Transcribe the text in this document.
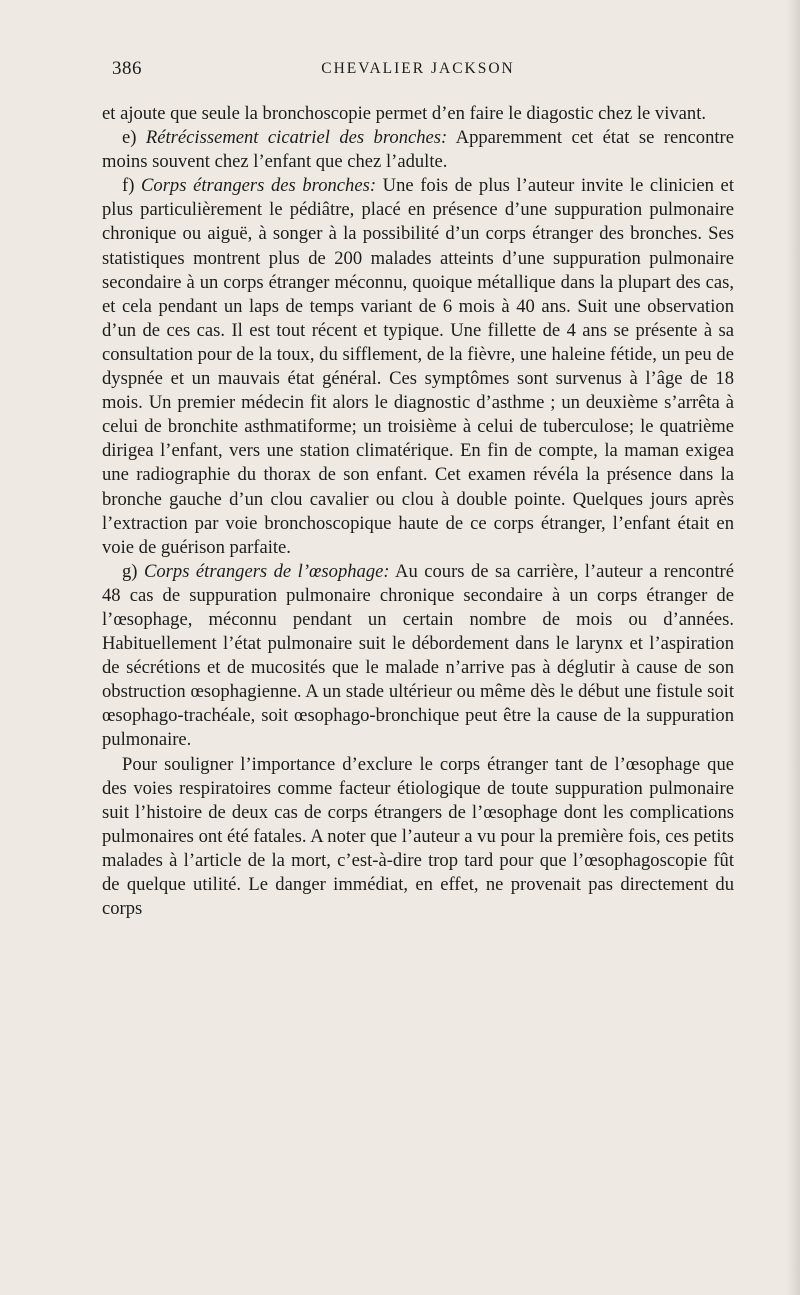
386	CHEVALIER JACKSON

et ajoute que seule la bronchoscopie permet d’en faire le diagostic chez le vivant.

e) Rétrécissement cicatriel des bronches: Apparemment cet état se rencontre moins souvent chez l’enfant que chez l’adulte.

f) Corps étrangers des bronches: Une fois de plus l’auteur invite le clinicien et plus particulièrement le pédiâtre, placé en présence d’une suppuration pulmonaire chronique ou aiguë, à songer à la possibilité d’un corps étranger des bronches. Ses statistiques montrent plus de 200 malades atteints d’une suppuration pulmonaire secondaire à un corps étranger méconnu, quoique métallique dans la plupart des cas, et cela pendant un laps de temps variant de 6 mois à 40 ans. Suit une observation d’un de ces cas. Il est tout récent et typique. Une fillette de 4 ans se présente à sa consultation pour de la toux, du sifflement, de la fièvre, une haleine fétide, un peu de dyspnée et un mauvais état général. Ces symptômes sont survenus à l’âge de 18 mois. Un premier médecin fit alors le diagnostic d’asthme ; un deuxième s’arrêta à celui de bronchite asthmatiforme; un troisième à celui de tuberculose; le quatrième dirigea l’enfant, vers une station climatérique. En fin de compte, la maman exigea une radiographie du thorax de son enfant. Cet examen révéla la présence dans la bronche gauche d’un clou cavalier ou clou à double pointe. Quelques jours après l’extraction par voie bronchoscopique haute de ce corps étranger, l’enfant était en voie de guérison parfaite.

g) Corps étrangers de l’œsophage: Au cours de sa carrière, l’auteur a rencontré 48 cas de suppuration pulmonaire chronique secondaire à un corps étranger de l’œsophage, méconnu pendant un certain nombre de mois ou d’années. Habituellement l’état pulmonaire suit le débordement dans le larynx et l’aspiration de sécrétions et de mucosités que le malade n’arrive pas à déglutir à cause de son obstruction œsophagienne. A un stade ultérieur ou même dès le début une fistule soit œsophago-trachéale, soit œsophago-bronchique peut être la cause de la suppuration pulmonaire.

Pour souligner l’importance d’exclure le corps étranger tant de l’œsophage que des voies respiratoires comme facteur étiologique de toute suppuration pulmonaire suit l’histoire de deux cas de corps étrangers de l’œsophage dont les complications pulmonaires ont été fatales. A noter que l’auteur a vu pour la première fois, ces petits malades à l’article de la mort, c’est-à-dire trop tard pour que l’œsophagoscopie fût de quelque utilité. Le danger immédiat, en effet, ne provenait pas directement du corps
